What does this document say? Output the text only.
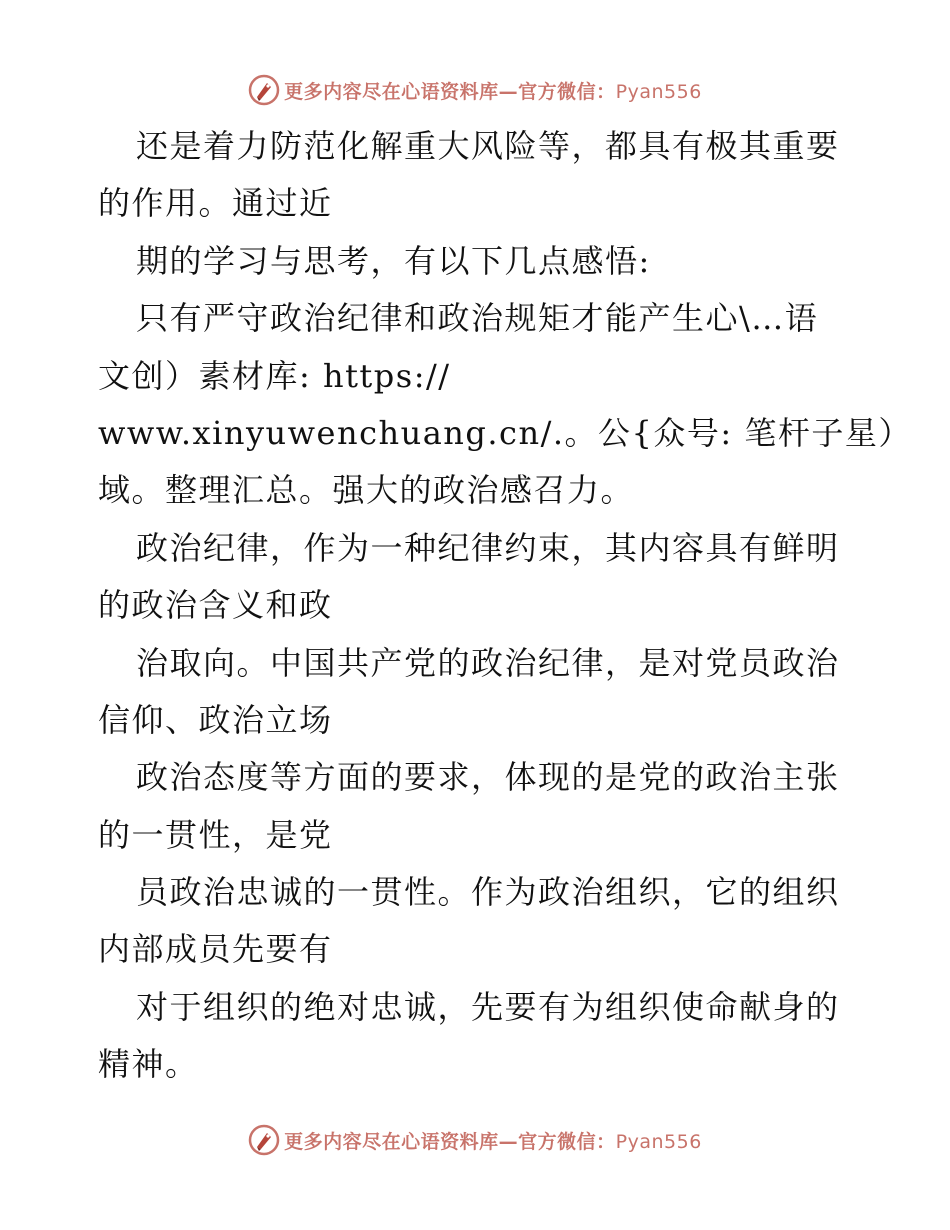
更多内容尽在心语资料库—官方微信：Pyan556
还是着力防范化解重大风险等，都具有极其重要
的作用。通过近
期的学习与思考，有以下几点感悟:
只有严守政治纪律和政治规矩才能产生心\…语
文创）素材库: https://
www.xinyuwenchuang.cn/.。公{众号: 笔杆子星）
域。整理汇总。强大的政治感召力。
政治纪律，作为一种纪律约束，其内容具有鲜明
的政治含义和政
治取向。中国共产党的政治纪律，是对党员政治
信仰、政治立场
政治态度等方面的要求，体现的是党的政治主张
的一贯性，是党
员政治忠诚的一贯性。作为政治组织，它的组织
内部成员先要有
对于组织的绝对忠诚，先要有为组织使命献身的
精神。
更多内容尽在心语资料库—官方微信：Pyan556
